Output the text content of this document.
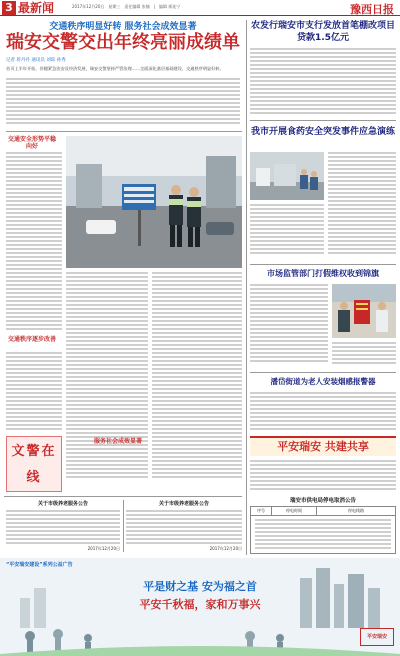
3 最新闻	2017年12月20日　星期三　责任编辑 张楠　|　编辑 邢连宁	豫西日报
交通秩序明显好转 服务社会成效显著
瑞安交警交出年终亮丽成绩单
记者 蒋丹丹 通讯员 刘琼 孙秀
首页上半年开始，伴随紧急治安及经济发展，瑞安交警坚持严管治理……全面深化基层基础建设，交通秩序明显好转。
交通安全形势平稳向好
交通秩序逐步改善
服务社会成效显著
文警在线
关于市级养老服务公告
2017年12月20日
关于市级养老服务公告
2017年12月20日
农发行瑞安市支行发放首笔棚改项目贷款1.5亿元
我市开展食药安全突发事件应急演练
市场监管部门打假维权收到锦旗
潘岱街道为老人安装烟感报警器
平安瑞安 共建共享
瑞安市供电局停电取消公告
序号	停电时间	停电线路
“平安瑞安建设”系列公益广告
平是财之基 安为福之首
平安千秋福，家和万事兴
平安瑞安
